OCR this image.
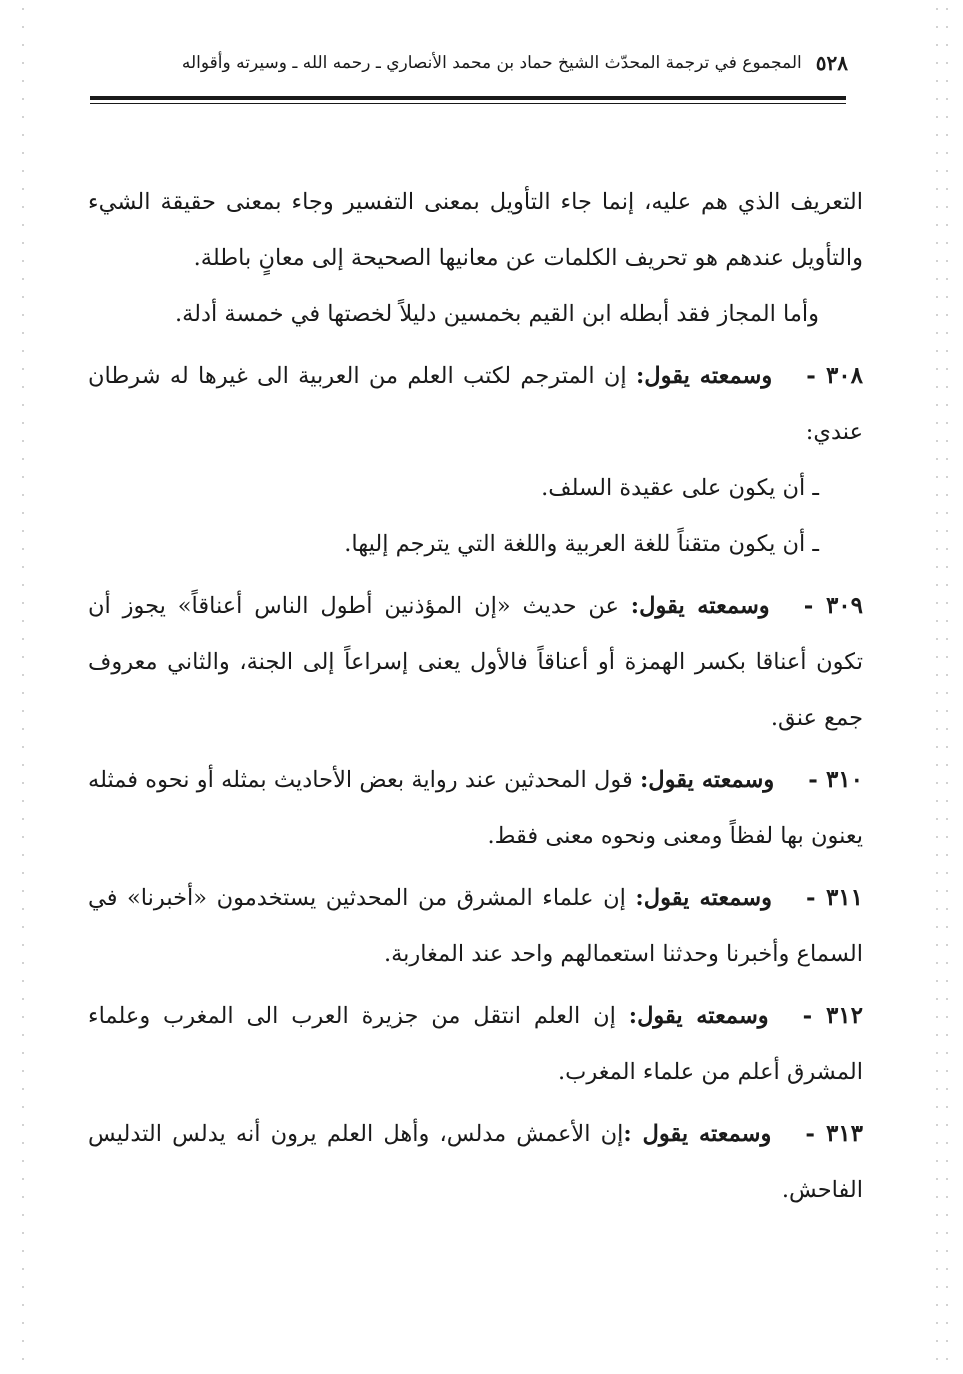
٥٢٨
المجموع في ترجمة المحدّث الشيخ حماد بن محمد الأنصاري ـ رحمه الله ـ وسيرته وأقواله

التعريف الذي هم عليه، إنما جاء التأويل بمعنى التفسير وجاء بمعنى حقيقة الشيء والتأويل عندهم هو تحريف الكلمات عن معانيها الصحيحة إلى معانٍ باطلة.

وأما المجاز فقد أبطله ابن القيم بخمسين دليلاً لخصتها في خمسة أدلة.

٣٠٨ -وسمعته يقول: إن المترجم لكتب العلم من العربية الى غيرها له شرطان عندي:

ـ أن يكون على عقيدة السلف.

ـ أن يكون متقناً للغة العربية واللغة التي يترجم إليها.

٣٠٩ -وسمعته يقول: عن حديث «إن المؤذنين أطول الناس أعناقاً» يجوز أن تكون أعناقا بكسر الهمزة أو أعناقاً فالأول يعنى إسراعاً إلى الجنة، والثاني معروف جمع عنق.

٣١٠ -وسمعته يقول: قول المحدثين عند رواية بعض الأحاديث بمثله أو نحوه فمثله يعنون بها لفظاً ومعنى ونحوه معنى فقط.

٣١١ -وسمعته يقول: إن علماء المشرق من المحدثين يستخدمون «أخبرنا» في السماع وأخبرنا وحدثنا استعمالهم واحد عند المغاربة.

٣١٢ -وسمعته يقول: إن العلم انتقل من جزيرة العرب الى المغرب وعلماء المشرق أعلم من علماء المغرب.

٣١٣ -وسمعته يقول :إن الأعمش مدلس، وأهل العلم يرون أنه يدلس التدليس الفاحش.
